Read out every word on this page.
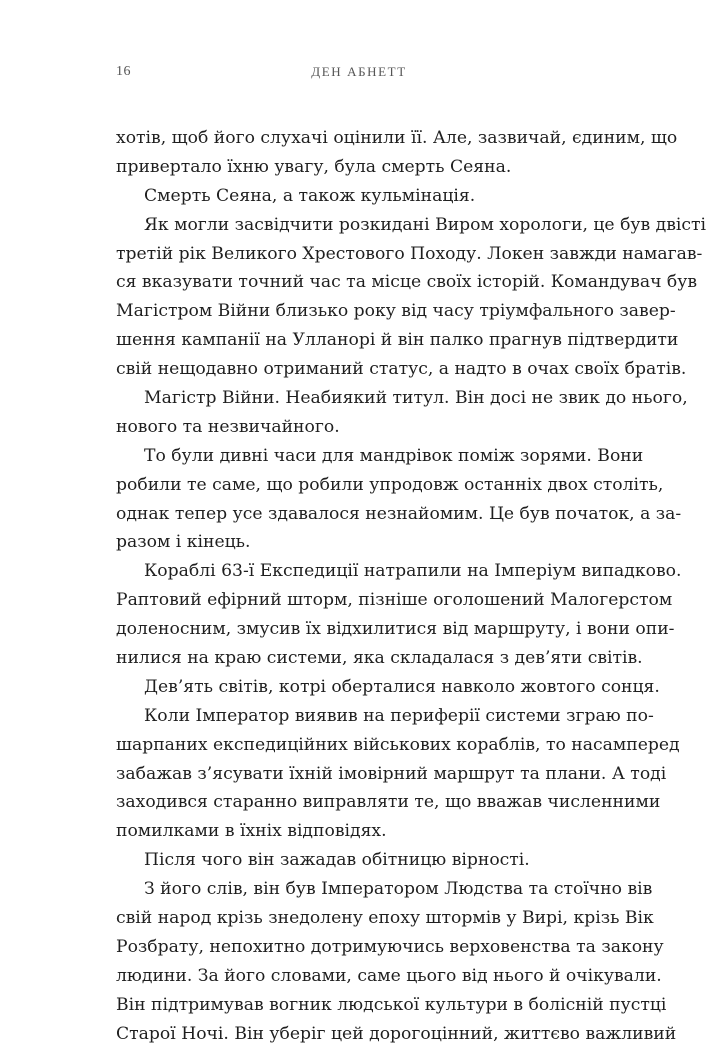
16	ДЕН АБНЕТТ
хотів, щоб його слухачі оцінили її. Але, зазвичай, єдиним, що
привертало їхню увагу, була смерть Сеяна.
Смерть Сеяна, а також кульмінація.
Як могли засвідчити розкидані Виром хорологи, це був двісті
третій рік Великого Хрестового Походу. Локен завжди намагав-
ся вказувати точний час та місце своїх історій. Командувач був
Магістром Війни близько року від часу тріумфального завер-
шення кампанії на Улланорі й він палко прагнув підтвердити
свій нещодавно отриманий статус, а надто в очах своїх братів.
Магістр Війни. Неабиякий титул. Він досі не звик до нього,
нового та незвичайного.
То були дивні часи для мандрівок поміж зорями. Вони
робили те саме, що робили упродовж останніх двох століть,
однак тепер усе здавалося незнайомим. Це був початок, а за-
разом і кінець.
Кораблі 63-ї Експедиції натрапили на Імперіум випадково.
Раптовий ефірний шторм, пізніше оголошений Малогерстом
доленосним, змусив їх відхилитися від маршруту, і вони опи-
нилися на краю системи, яка складалася з дев’яти світів.
Дев’ять світів, котрі оберталися навколо жовтого сонця.
Коли Імператор виявив на периферії системи зграю по-
шарпаних експедиційних військових кораблів, то насамперед
забажав з’ясувати їхній імовірний маршрут та плани. А тоді
заходився старанно виправляти те, що вважав численними
помилками в їхніх відповідях.
Після чого він зажадав обітницю вірності.
З його слів, він був Імператором Людства та стоїчно вів
свій народ крізь знедолену епоху штормів у Вирі, крізь Вік
Розбрату, непохитно дотримуючись верховенства та закону
людини. За його словами, саме цього від нього й очікували.
Він підтримував вогник людської культури в болісній пустці
Старої Ночі. Він уберіг цей дорогоцінний, життєво важливий
